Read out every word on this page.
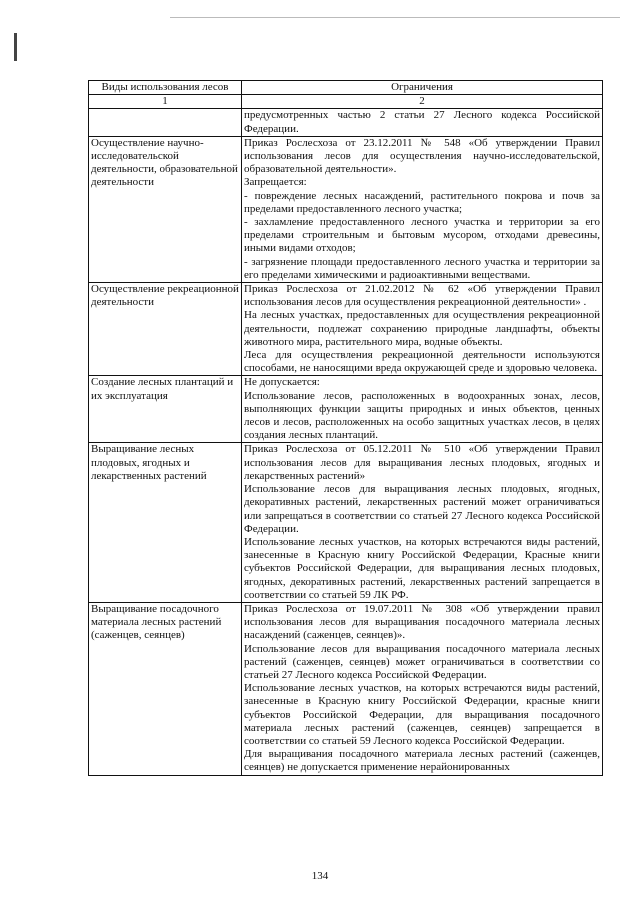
Виды использования лесов	Ограничения
1	2
	предусмотренных частью 2 статьи 27 Лесного кодекса Российской Федерации.
Осуществление научно-исследовательской деятельности, образовательной деятельности	Приказ Рослесхоза от 23.12.2011 № 548 «Об утверждении Правил использования лесов для осуществления научно-исследовательской, образовательной деятельности».

Запрещается:

- повреждение лесных насаждений, растительного покрова и почв за пределами предоставленного лесного участка;

- захламление предоставленного лесного участка и территории за его пределами строительным и бытовым мусором, отходами древесины, иными видами отходов;

- загрязнение площади предоставленного лесного участка и территории за его пределами химическими и радиоактивными веществами.

Осуществление рекреационной деятельности	Приказ Рослесхоза от 21.02.2012 № 62 «Об утверждении Правил использования лесов для осуществления рекреационной деятельности» .

На лесных участках, предоставленных для осуществления рекреационной деятельности, подлежат сохранению природные ландшафты, объекты животного мира, растительного мира, водные объекты.

Леса для осуществления рекреационной деятельности используются способами, не наносящими вреда окружающей среде и здоровью человека.

Создание лесных плантаций и их эксплуатация	Не допускается:

Использование лесов, расположенных в водоохранных зонах, лесов, выполняющих функции защиты природных и иных объектов, ценных лесов и лесов, расположенных на особо защитных участках лесов, в целях создания лесных плантаций.

Выращивание лесных плодовых, ягодных и лекарственных растений	Приказ Рослесхоза от 05.12.2011 № 510 «Об утверждении Правил использования лесов для выращивания лесных плодовых, ягодных и лекарственных растений»

Использование лесов для выращивания лесных плодовых, ягодных, декоративных растений, лекарственных растений может ограничиваться или запрещаться в соответствии со статьей 27 Лесного кодекса Российской Федерации.

Использование лесных участков, на которых встречаются виды растений, занесенные в Красную книгу Российской Федерации, Красные книги субъектов Российской Федерации, для выращивания лесных плодовых, ягодных, декоративных растений, лекарственных растений запрещается в соответствии со статьей 59 ЛК РФ.

Выращивание посадочного материала лесных растений (саженцев, сеянцев)	Приказ Рослесхоза от 19.07.2011 № 308 «Об утверждении правил использования лесов для выращивания посадочного материала лесных насаждений (саженцев, сеянцев)».

Использование лесов для выращивания посадочного материала лесных растений (саженцев, сеянцев) может ограничиваться в соответствии со статьей 27 Лесного кодекса Российской Федерации.

Использование лесных участков, на которых встречаются виды растений, занесенные в Красную книгу Российской Федерации, красные книги субъектов Российской Федерации, для выращивания посадочного материала лесных растений (саженцев, сеянцев) запрещается в соответствии со статьей 59 Лесного кодекса Российской Федерации.

Для выращивания посадочного материала лесных растений (саженцев, сеянцев) не допускается применение нерайонированных

134
